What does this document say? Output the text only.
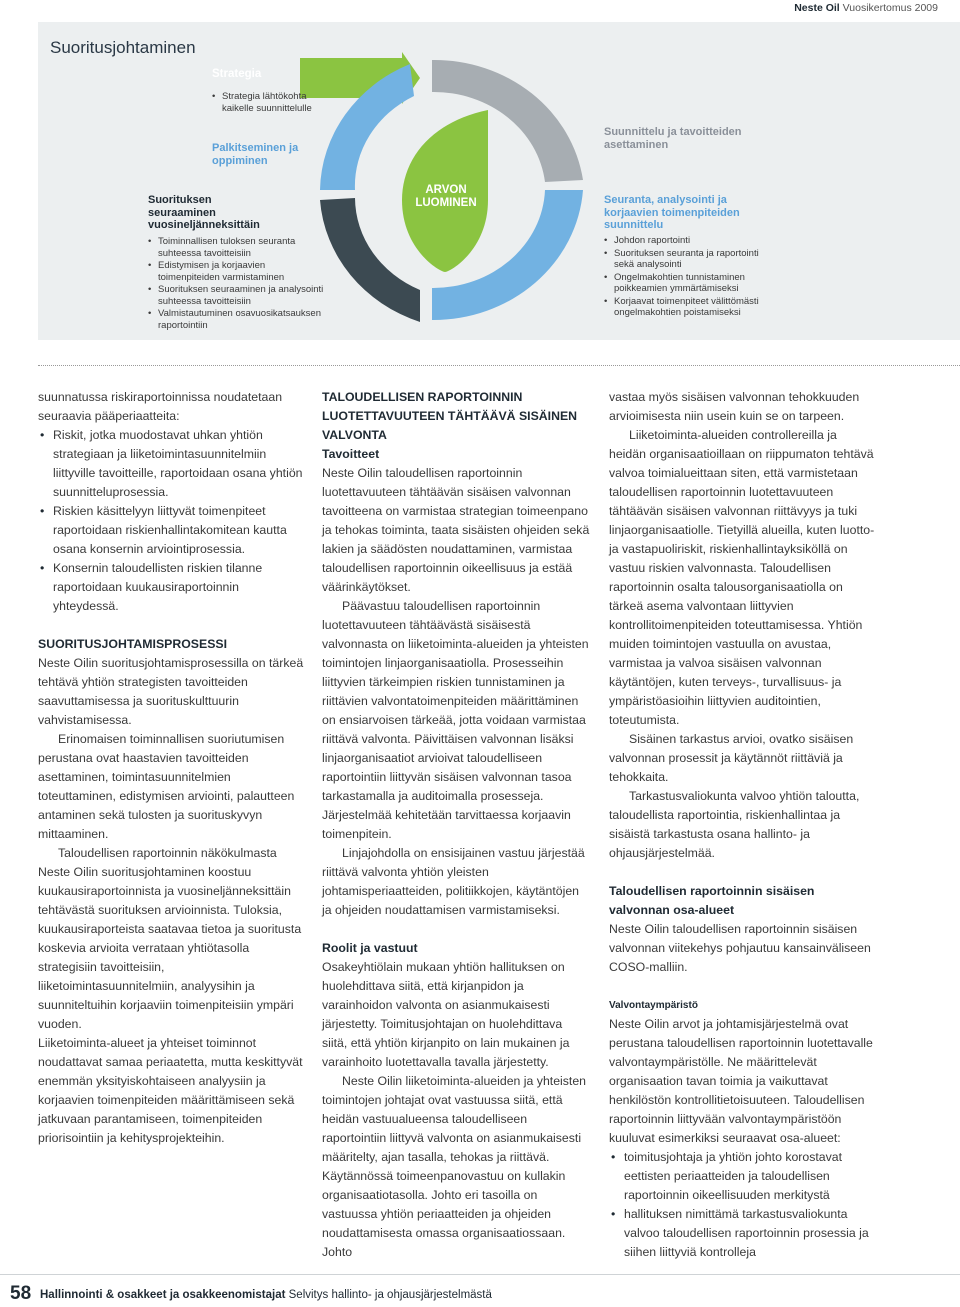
Neste Oil Vuosikertomus 2009
Suoritusjohtaminen
Strategia
• Strategia lähtökohta kaikelle suunnittelulle
ARVON LUOMINEN
Suunnittelu ja tavoitteiden
asettaminen
Seuranta, analysointi ja
korjaavien toimenpiteiden
suunnittelu
• Johdon raportointi
• Suorituksen seuranta ja raportointi sekä analysointi
• Ongelmakohtien tunnistaminen poikkeamien ymmärtämiseksi
• Korjaavat toimenpiteet välittömästi ongelmakohtien poistamiseksi
Suorituksen
seuraaminen
vuosineljänneksittäin
• Toiminnallisen tuloksen seuranta suhteessa tavoitteisiin
• Edistymisen ja korjaavien toimenpiteiden varmistaminen
• Suorituksen seuraaminen ja analysointi suhteessa tavoitteisiin
• Valmistautuminen osavuosikatsauksen raportointiin
Palkitseminen ja
oppiminen

suunnatussa riskiraportoinnissa noudatetaan seuraavia pääperiaatteita:

• Riskit, jotka muodostavat uhkan yhtiön strategiaan ja liiketoimintasuunnitelmiin liittyville tavoitteille, raportoidaan osana yhtiön suunnitteluprosessia.
• Riskien käsittelyyn liittyvät toimenpiteet raportoidaan riskienhallintakomitean kautta osana konsernin arviointiprosessia.
• Konsernin taloudellisten riskien tilanne raportoidaan kuukausiraportoinnin yhteydessä.

SUORITUSJOHTAMISPROSESSI

Neste Oilin suoritusjohtamisprosessilla on tärkeä tehtävä yhtiön strategisten tavoitteiden saavuttamisessa ja suorituskulttuurin vahvistamisessa.

Erinomaisen toiminnallisen suoriutumisen perustana ovat haastavien tavoitteiden asettaminen, toimintasuunnitelmien toteuttaminen, edistymisen arviointi, palautteen antaminen sekä tulosten ja suorituskyvyn mittaaminen.

Taloudellisen raportoinnin näkökulmasta Neste Oilin suoritusjohtaminen koostuu kuukausiraportoinnista ja vuosineljänneksittäin tehtävästä suorituksen arvioinnista. Tuloksia, kuukausiraporteista saatavaa tietoa ja suoritusta koskevia arvioita verrataan yhtiötasolla strategisiin tavoitteisiin, liiketoimintasuunnitelmiin, analyysihin ja suunniteltuihin korjaaviin toimenpiteisiin ympäri vuoden.

Liiketoiminta-alueet ja yhteiset toiminnot noudattavat samaa periaatetta, mutta keskittyvät enemmän yksityiskohtaiseen analyysiin ja korjaavien toimenpiteiden määrittämiseen sekä jatkuvaan parantamiseen, toimenpiteiden priorisointiin ja kehitysprojekteihin.

TALOUDELLISEN RAPORTOINNIN
LUOTETTAVUUTEEN TÄHTÄÄVÄ SISÄINEN
VALVONTA

Tavoitteet

Neste Oilin taloudellisen raportoinnin luotettavuuteen tähtäävän sisäisen valvonnan tavoitteena on varmistaa strategian toimeenpano ja tehokas toiminta, taata sisäisten ohjeiden sekä lakien ja säädösten noudattaminen, varmistaa taloudellisen raportoinnin oikeellisuus ja estää väärinkäytökset.

Päävastuu taloudellisen raportoinnin luotettavuuteen tähtäävästä sisäisestä valvonnasta on liiketoiminta-alueiden ja yhteisten toimintojen linjaorganisaatiolla. Prosesseihin liittyvien tärkeimpien riskien tunnistaminen ja riittävien valvontatoimenpiteiden määrittäminen on ensiarvoisen tärkeää, jotta voidaan varmistaa riittävä valvonta. Päivittäisen valvonnan lisäksi linjaorganisaatiot arvioivat taloudelliseen raportointiin liittyvän sisäisen valvonnan tasoa tarkastamalla ja auditoimalla prosesseja. Järjestelmää kehitetään tarvittaessa korjaavin toimenpitein.

Linjajohdolla on ensisijainen vastuu järjestää riittävä valvonta yhtiön yleisten johtamisperiaatteiden, politiikkojen, käytäntöjen ja ohjeiden noudattamisen varmistamiseksi.

Roolit ja vastuut

Osakeyhtiölain mukaan yhtiön hallituksen on huolehdittava siitä, että kirjanpidon ja varainhoidon valvonta on asianmukaisesti järjestetty. Toimitusjohtajan on huolehdittava siitä, että yhtiön kirjanpito on lain mukainen ja varainhoito luotettavalla tavalla järjestetty.

Neste Oilin liiketoiminta-alueiden ja yhteisten toimintojen johtajat ovat vastuussa siitä, että heidän vastuualueensa taloudelliseen raportointiin liittyvä valvonta on asianmukaisesti määritelty, ajan tasalla, tehokas ja riittävä. Käytännössä toimeenpanovastuu on kullakin organisaatiotasolla. Johto eri tasoilla on vastuussa yhtiön periaatteiden ja ohjeiden noudattamisesta omassa organisaatiossaan. Johto

vastaa myös sisäisen valvonnan tehokkuuden arvioimisesta niin usein kuin se on tarpeen.

Liiketoiminta-alueiden controllereilla ja heidän organisaatioillaan on riippumaton tehtävä valvoa toimialueittaan siten, että varmistetaan taloudellisen raportoinnin luotettavuuteen tähtäävän sisäisen valvonnan riittävyys ja tuki linjaorganisaatiolle. Tietyillä alueilla, kuten luotto- ja vastapuoliriskit, riskienhallintayksiköllä on vastuu riskien valvonnasta. Taloudellisen raportoinnin osalta talousorganisaatiolla on tärkeä asema valvontaan liittyvien kontrollitoimenpiteiden toteuttamisessa. Yhtiön muiden toimintojen vastuulla on avustaa, varmistaa ja valvoa sisäisen valvonnan käytäntöjen, kuten terveys-, turvallisuus- ja ympäristöasioihin liittyvien auditointien, toteutumista.

Sisäinen tarkastus arvioi, ovatko sisäisen valvonnan prosessit ja käytännöt riittäviä ja tehokkaita.

Tarkastusvaliokunta valvoo yhtiön taloutta, taloudellista raportointia, riskienhallintaa ja sisäistä tarkastusta osana hallinto- ja ohjausjärjestelmää.

Taloudellisen raportoinnin sisäisen
valvonnan osa-alueet

Neste Oilin taloudellisen raportoinnin sisäisen valvonnan viitekehys pohjautuu kansainväliseen COSO-malliin.

Valvontaympäristö

Neste Oilin arvot ja johtamisjärjestelmä ovat perustana taloudellisen raportoinnin luotettavalle valvontaympäristölle. Ne määrittelevät organisaation tavan toimia ja vaikuttavat henkilöstön kontrollitietoisuuteen. Taloudellisen raportoinnin liittyvään valvontaympäristöön kuuluvat esimerkiksi seuraavat osa-alueet:

• toimitusjohtaja ja yhtiön johto korostavat eettisten periaatteiden ja taloudellisen raportoinnin oikeellisuuden merkitystä
• hallituksen nimittämä tarkastusvaliokunta valvoo taloudellisen raportoinnin prosessia ja siihen liittyviä kontrolleja
58 Hallinnointi & osakkeet ja osakkeenomistajat Selvitys hallinto- ja ohjausjärjestelmästä
